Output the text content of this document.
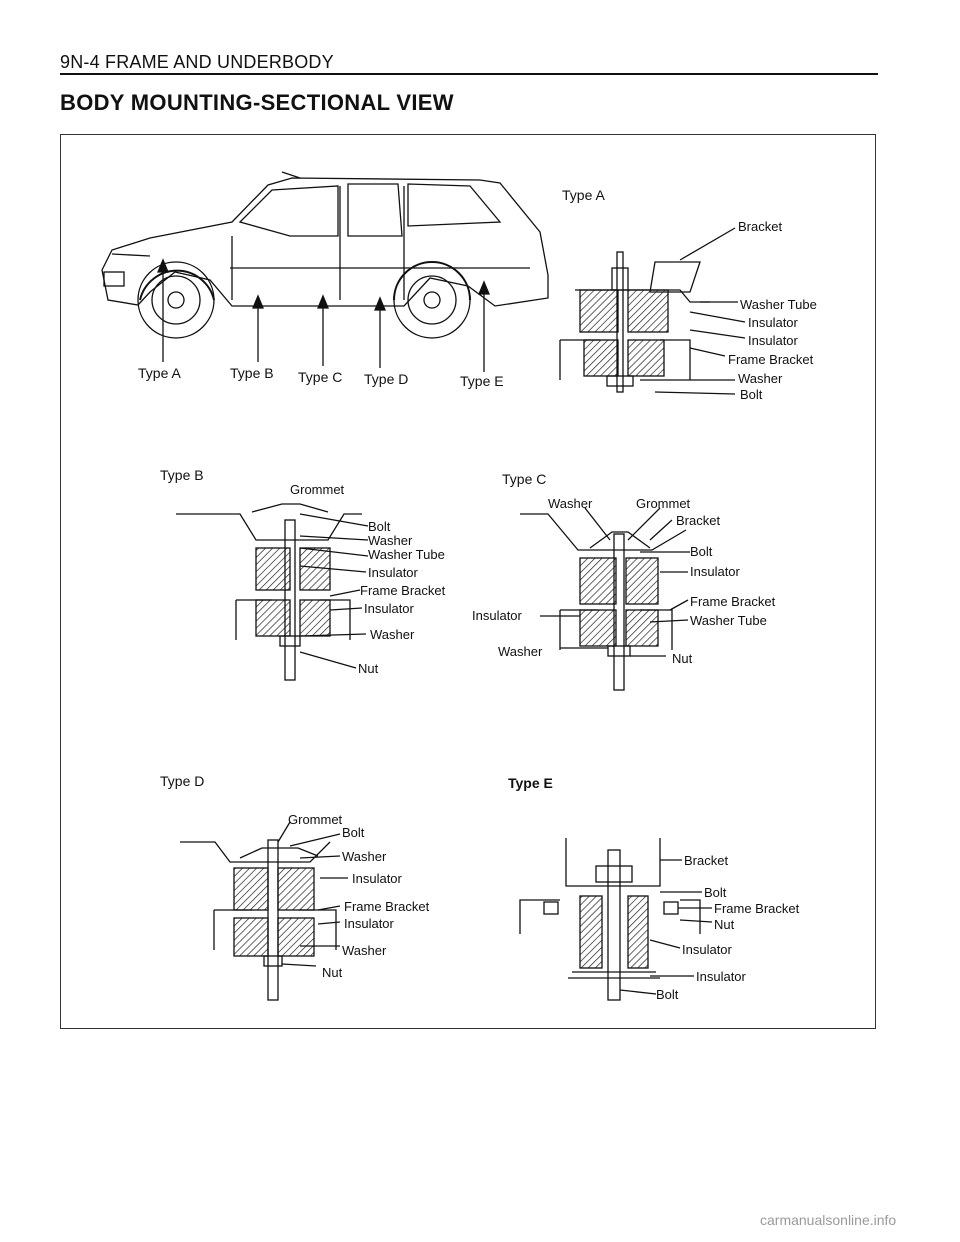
9N-4 FRAME AND UNDERBODY
BODY MOUNTING-SECTIONAL VIEW
Type A	Type B Type C Type D	Type E
Type A
Bracket
Washer Tube
Insulator
Insulator
Frame Bracket
Washer
Bolt
Type B
Grommet
Bolt
Washer
Washer Tube
Insulator
Frame Bracket
Insulator
Washer
Nut
Type C
Washer	Grommet
Bracket
Bolt
Insulator
Insulator
Frame Bracket
Washer Tube
Washer	Nut
Type D
Grommet
Bolt
Washer
Insulator
Frame Bracket
Insulator
Washer
Nut
Type E
Bracket
Bolt
Frame Bracket
Nut
Insulator
Insulator
Bolt
carmanualsonline.info
